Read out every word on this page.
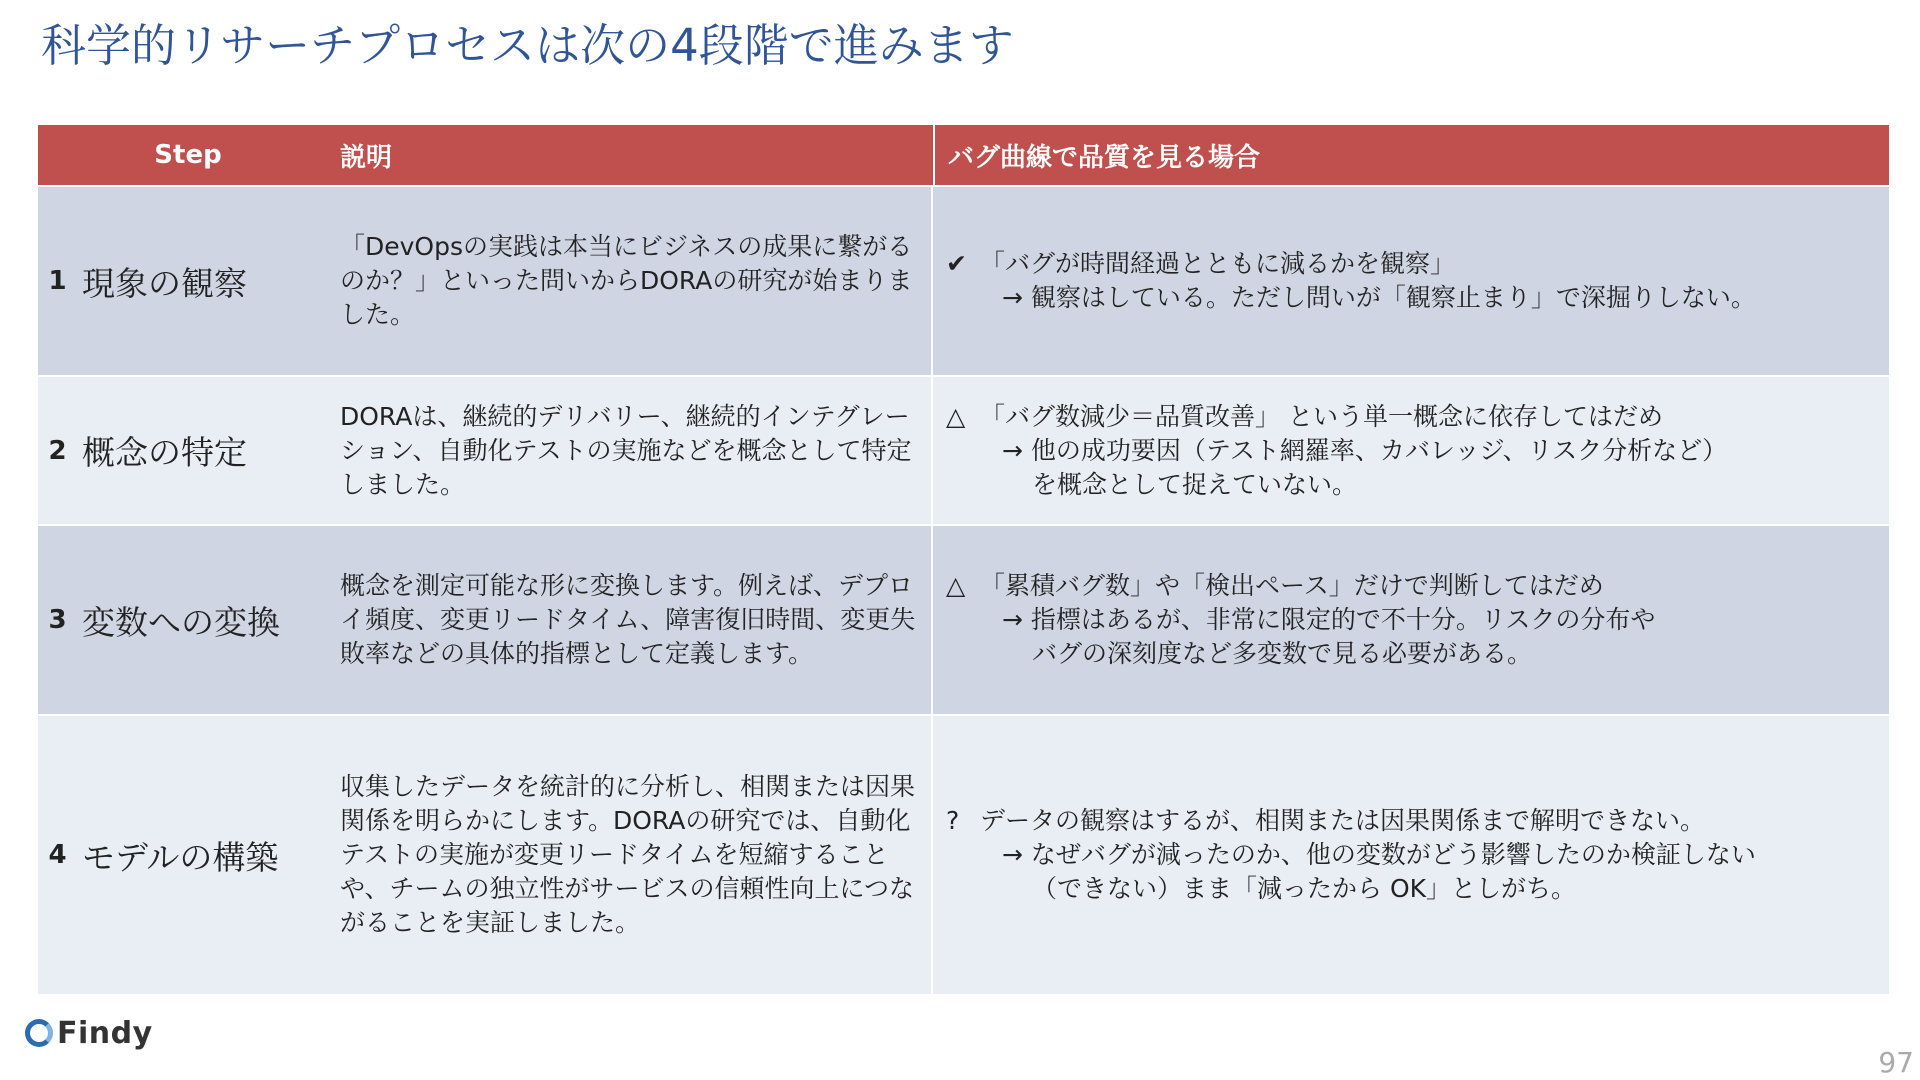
科学的リサーチプロセスは次の4段階で進みます
Step	説明	バグ曲線で品質を見る場合
1 現象の観察
「DevOpsの実践は本当にビジネスの成果に繋がるのか？」といった問いからDORAの研究が始まりました。
✔ 「バグが時間経過とともに減るかを観察」
→ 観察はしている。ただし問いが「観察止まり」で深掘りしない。
2 概念の特定
DORAは、継続的デリバリー、継続的インテグレーション、自動化テストの実施などを概念として特定しました。
△ 「バグ数減少＝品質改善」 という単一概念に依存してはだめ
→ 他の成功要因（テスト網羅率、カバレッジ、リスク分析など）
を概念として捉えていない。
3 変数への変換
概念を測定可能な形に変換します。例えば、デプロイ頻度、変更リードタイム、障害復旧時間、変更失敗率などの具体的指標として定義します。
△ 「累積バグ数」や「検出ペース」だけで判断してはだめ
→ 指標はあるが、非常に限定的で不十分。リスクの分布や
バグの深刻度など多変数で見る必要がある。
4 モデルの構築
収集したデータを統計的に分析し、相関または因果関係を明らかにします。DORAの研究では、自動化テストの実施が変更リードタイムを短縮することや、チームの独立性がサービスの信頼性向上につながることを実証しました。
? データの観察はするが、相関または因果関係まで解明できない。
→ なぜバグが減ったのか、他の変数がどう影響したのか検証しない
（できない）まま「減ったから OK」としがち。
Findy
97
